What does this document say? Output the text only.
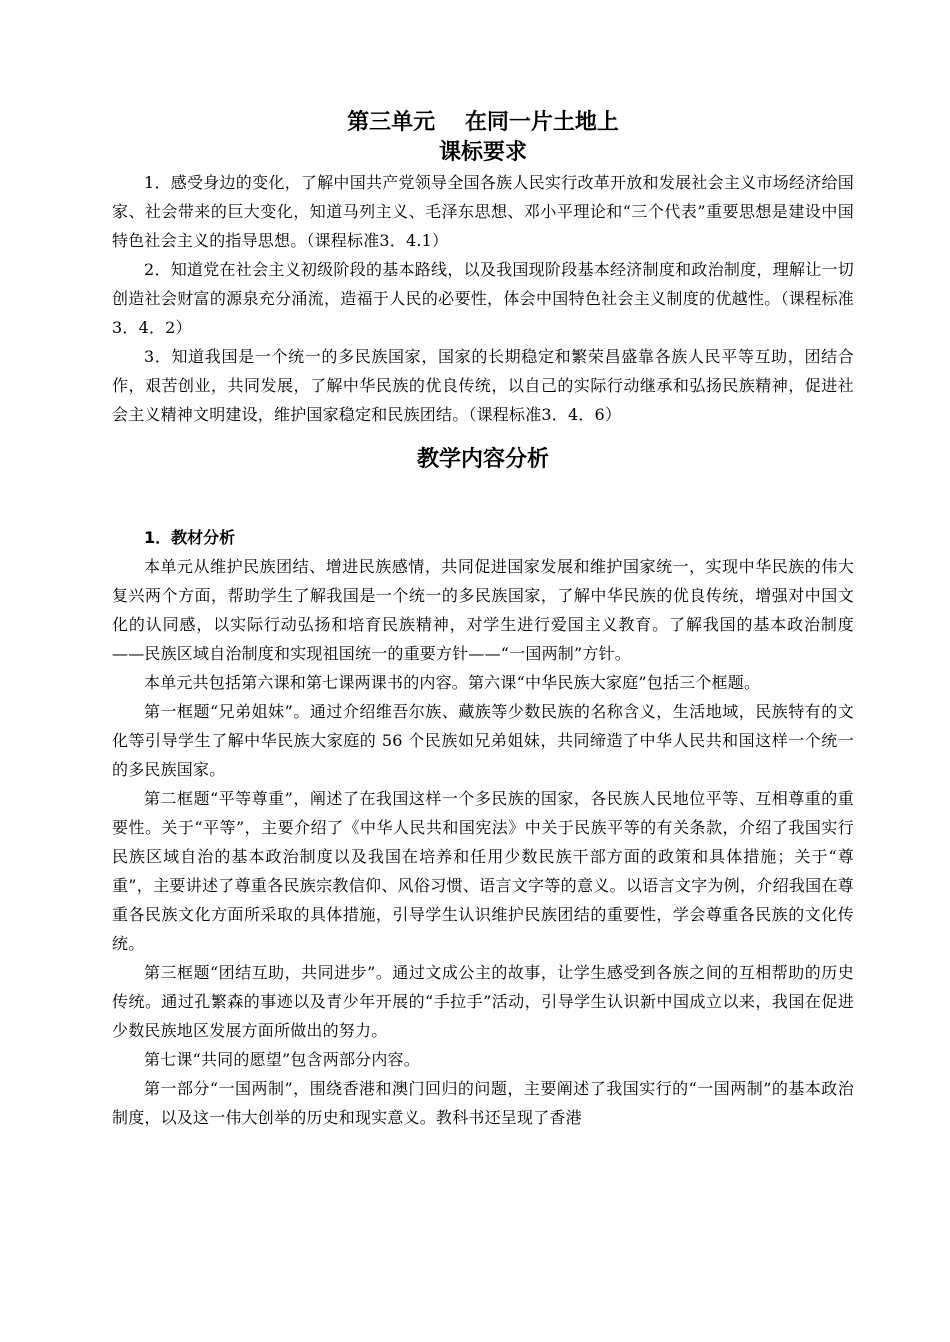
第三单元　 在同一片土地上
课标要求

1．感受身边的变化，了解中国共产党领导全国各族人民实行改革开放和发展社会主义市场经济给国家、社会带来的巨大变化，知道马列主义、毛泽东思想、邓小平理论和“三个代表”重要思想是建设中国特色社会主义的指导思想。（课程标准3．4.1）

2．知道党在社会主义初级阶段的基本路线，以及我国现阶段基本经济制度和政治制度，理解让一切创造社会财富的源泉充分涌流，造福于人民的必要性，体会中国特色社会主义制度的优越性。（课程标准3．4．2）

3．知道我国是一个统一的多民族国家，国家的长期稳定和繁荣昌盛靠各族人民平等互助，团结合作，艰苦创业，共同发展，了解中华民族的优良传统，以自己的实际行动继承和弘扬民族精神，促进社会主义精神文明建设，维护国家稳定和民族团结。（课程标准3．4．6）

教学内容分析
1．教材分析

本单元从维护民族团结、增进民族感情，共同促进国家发展和维护国家统一，实现中华民族的伟大复兴两个方面，帮助学生了解我国是一个统一的多民族国家，了解中华民族的优良传统，增强对中国文化的认同感，以实际行动弘扬和培育民族精神，对学生进行爱国主义教育。了解我国的基本政治制度——民族区域自治制度和实现祖国统一的重要方针——“一国两制”方针。

本单元共包括第六课和第七课两课书的内容。第六课“中华民族大家庭”包括三个框题。

第一框题“兄弟姐妹”。通过介绍维吾尔族、藏族等少数民族的名称含义，生活地域，民族特有的文化等引导学生了解中华民族大家庭的 56 个民族如兄弟姐妹，共同缔造了中华人民共和国这样一个统一的多民族国家。

第二框题“平等尊重”，阐述了在我国这样一个多民族的国家，各民族人民地位平等、互相尊重的重要性。关于“平等”，主要介绍了《中华人民共和国宪法》中关于民族平等的有关条款，介绍了我国实行民族区域自治的基本政治制度以及我国在培养和任用少数民族干部方面的政策和具体措施；关于“尊重”，主要讲述了尊重各民族宗教信仰、风俗习惯、语言文字等的意义。以语言文字为例，介绍我国在尊重各民族文化方面所采取的具体措施，引导学生认识维护民族团结的重要性，学会尊重各民族的文化传统。

第三框题“团结互助，共同进步”。通过文成公主的故事，让学生感受到各族之间的互相帮助的历史传统。通过孔繁森的事迹以及青少年开展的“手拉手”活动，引导学生认识新中国成立以来，我国在促进少数民族地区发展方面所做出的努力。

第七课“共同的愿望”包含两部分内容。

第一部分“一国两制”，围绕香港和澳门回归的问题，主要阐述了我国实行的“一国两制”的基本政治制度，以及这一伟大创举的历史和现实意义。教科书还呈现了香港
